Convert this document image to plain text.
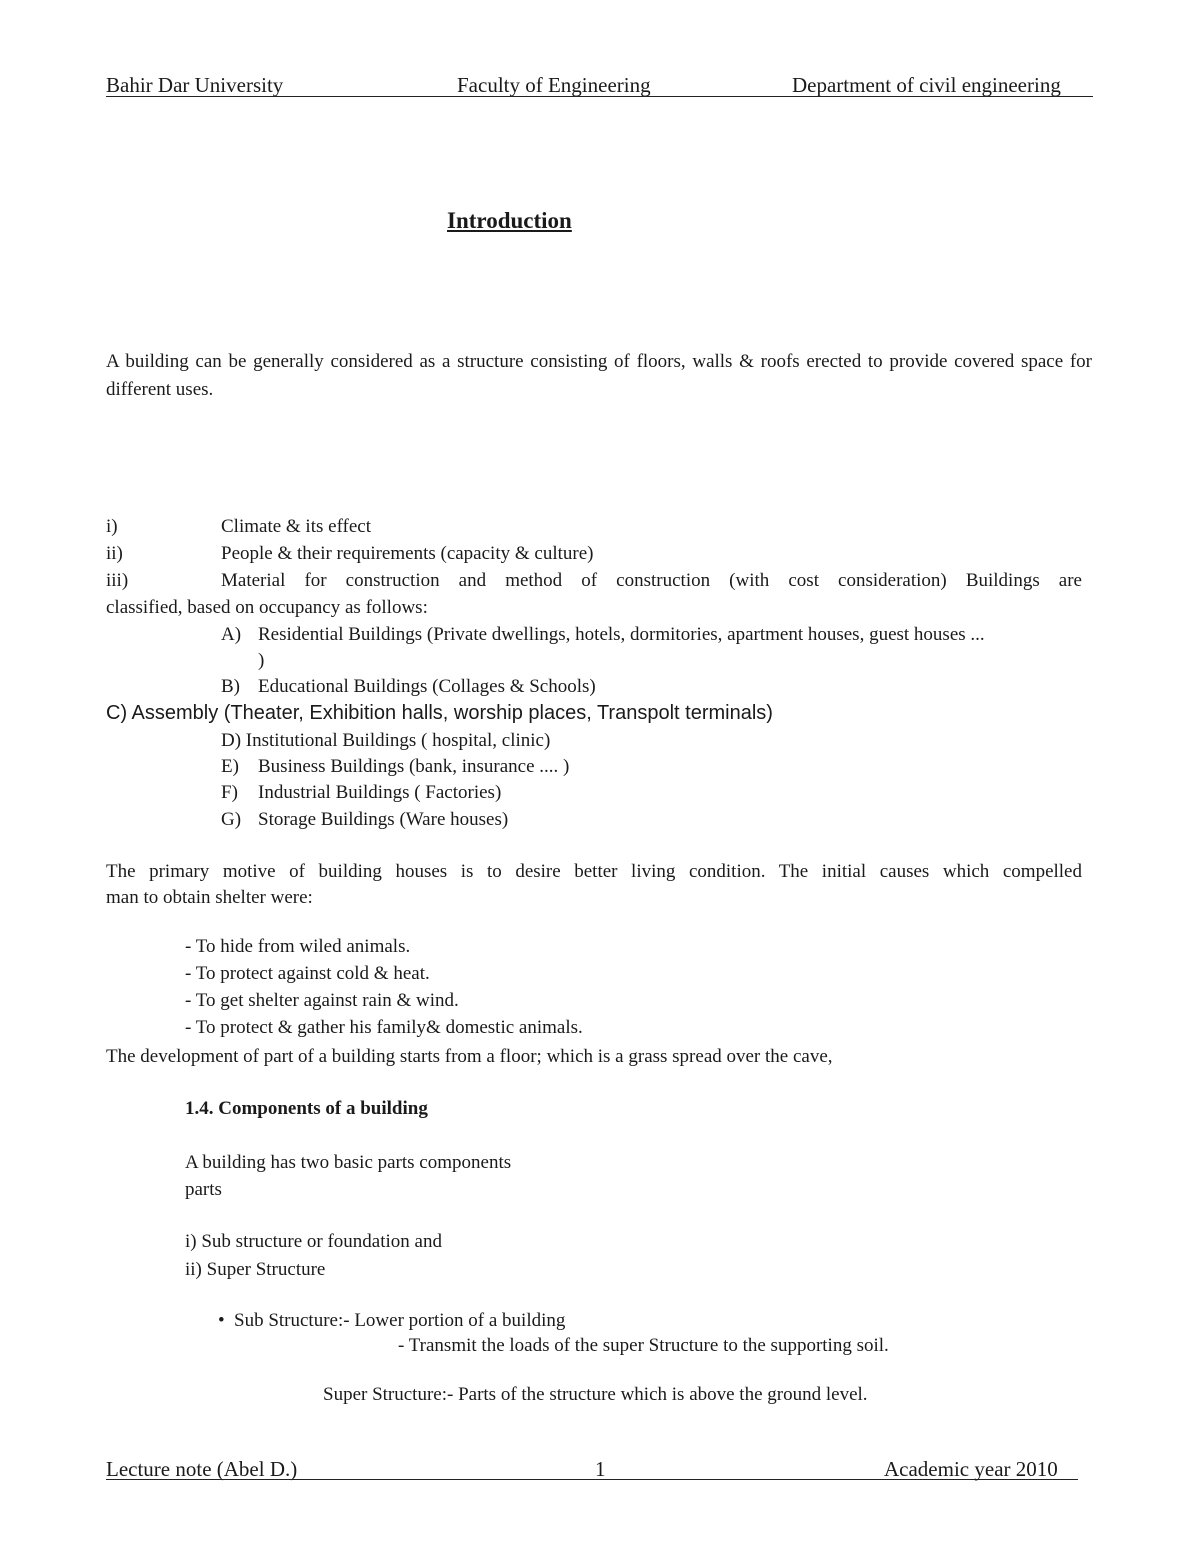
Bahir Dar University	Faculty of Engineering	Department of civil engineering
Introduction
A building can be generally considered as a structure consisting of floors, walls & roofs erected to provide covered space for different uses.
i)	Climate & its effect
ii)	People & their requirements (capacity & culture)
iii)	Material for construction and method of construction (with cost consideration) Buildings are
classified, based on occupancy as follows:
A) Residential Buildings (Private dwellings, hotels, dormitories, apartment houses, guest houses ...
)
B) Educational Buildings (Collages & Schools)
C) Assembly (Theater, Exhibition halls, worship places, Transpolt terminals)
D) Institutional Buildings ( hospital, clinic)
E) Business Buildings (bank, insurance .... )
F) Industrial Buildings ( Factories)
G) Storage Buildings (Ware houses)
The primary motive of building houses is to desire better living condition. The initial causes which compelled
man to obtain shelter were:
- To hide from wiled animals.
- To protect against cold & heat.
- To get shelter against rain & wind.
- To protect & gather his family& domestic animals.
The development of part of a building starts from a floor; which is a grass spread over the cave,
1.4. Components of a building
A building has two basic parts components
parts
i) Sub structure or foundation and
ii) Super Structure
• Sub Structure:- Lower portion of a building
- Transmit the loads of the super Structure to the supporting soil.
Super Structure:- Parts of the structure which is above the ground level.
Lecture note (Abel D.)	1	Academic year 2010
